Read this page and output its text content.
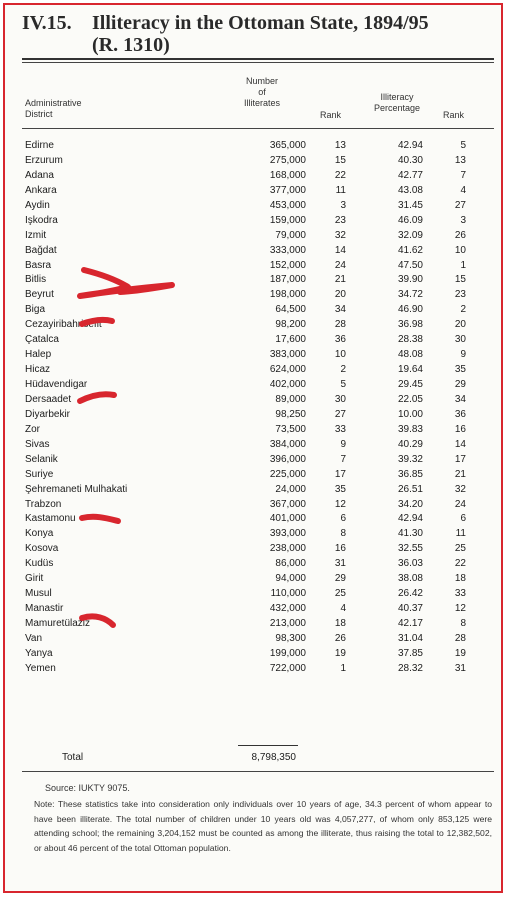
IV.15. Illiteracy in the Ottoman State, 1894/95
(R. 1310)
Administrative
District
Number
of
Illiterates
Rank
Illiteracy
Percentage
Rank
Edirne	365,000	13	42.94	5
Erzurum	275,000	15	40.30	13
Adana	168,000	22	42.77	7
Ankara	377,000	11	43.08	4
Aydin	453,000	3	31.45	27
Işkodra	159,000	23	46.09	3
Izmit	79,000	32	32.09	26
Bağdat	333,000	14	41.62	10
Basra	152,000	24	47.50	1
Bitlis	187,000	21	39.90	15
Beyrut	198,000	20	34.72	23
Biga	64,500	34	46.90	2
Cezayiribahrisefit	98,200	28	36.98	20
Çatalca	17,600	36	28.38	30
Halep	383,000	10	48.08	9
Hicaz	624,000	2	19.64	35
Hüdavendigar	402,000	5	29.45	29
Dersaadet	89,000	30	22.05	34
Diyarbekir	98,250	27	10.00	36
Zor	73,500	33	39.83	16
Sivas	384,000	9	40.29	14
Selanik	396,000	7	39.32	17
Suriye	225,000	17	36.85	21
Şehremaneti Mulhakati	24,000	35	26.51	32
Trabzon	367,000	12	34.20	24
Kastamonu	401,000	6	42.94	6
Konya	393,000	8	41.30	11
Kosova	238,000	16	32.55	25
Kudüs	86,000	31	36.03	22
Girit	94,000	29	38.08	18
Musul	110,000	25	26.42	33
Manastir	432,000	4	40.37	12
Mamuretülaziz	213,000	18	42.17	8
Van	98,300	26	31.04	28
Yanya	199,000	19	37.85	19
Yemen	722,000	1	28.32	31
Total	8,798,350
Source: IUKTY 9075.
Note: These statistics take into consideration only individuals over 10 years of age, 34.3 percent of whom appear to have been illiterate. The total number of children under 10 years old was 4,057,277, of whom only 853,125 were attending school; the remaining 3,204,152 must be counted as among the illiterate, thus raising the total to 12,382,502, or about 46 percent of the total Ottoman population.
